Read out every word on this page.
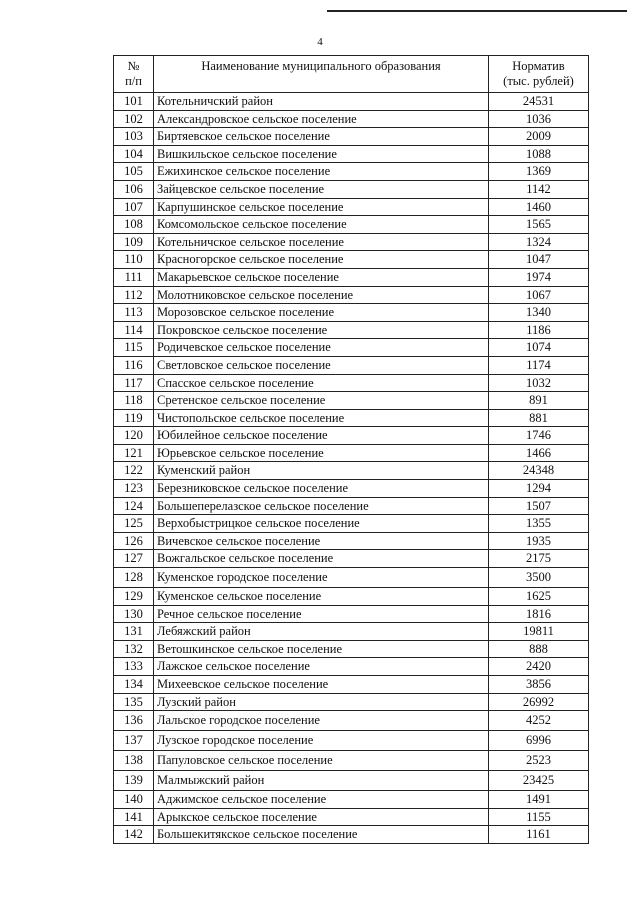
4
№
п/п	Наименование муниципального образования	Норматив
(тыс. рублей)
101	Котельничский район	24531
102	Александровское сельское поселение	1036
103	Биртяевское сельское поселение	2009
104	Вишкильское сельское поселение	1088
105	Ежихинское сельское поселение	1369
106	Зайцевское сельское поселение	1142
107	Карпушинское сельское поселение	1460
108	Комсомольское сельское поселение	1565
109	Котельничское сельское поселение	1324
110	Красногорское сельское поселение	1047
111	Макарьевское сельское поселение	1974
112	Молотниковское сельское поселение	1067
113	Морозовское сельское поселение	1340
114	Покровское сельское поселение	1186
115	Родичевское сельское поселение	1074
116	Светловское сельское поселение	1174
117	Спасское сельское поселение	1032
118	Сретенское сельское поселение	891
119	Чистопольское сельское поселение	881
120	Юбилейное сельское поселение	1746
121	Юрьевское сельское поселение	1466
122	Куменский район	24348
123	Березниковское сельское поселение	1294
124	Большеперелазское сельское поселение	1507
125	Верхобыстрицкое сельское поселение	1355
126	Вичевское сельское поселение	1935
127	Вожгальское сельское поселение	2175
128	Куменское городское поселение	3500
129	Куменское сельское поселение	1625
130	Речное сельское поселение	1816
131	Лебяжский район	19811
132	Ветошкинское сельское поселение	888
133	Лажское сельское поселение	2420
134	Михеевское сельское поселение	3856
135	Лузский район	26992
136	Лальское городское поселение	4252
137	Лузское городское поселение	6996
138	Папуловское сельское поселение	2523
139	Малмыжский район	23425
140	Аджимское сельское поселение	1491
141	Арыкское сельское поселение	1155
142	Большекитякское сельское поселение	1161
